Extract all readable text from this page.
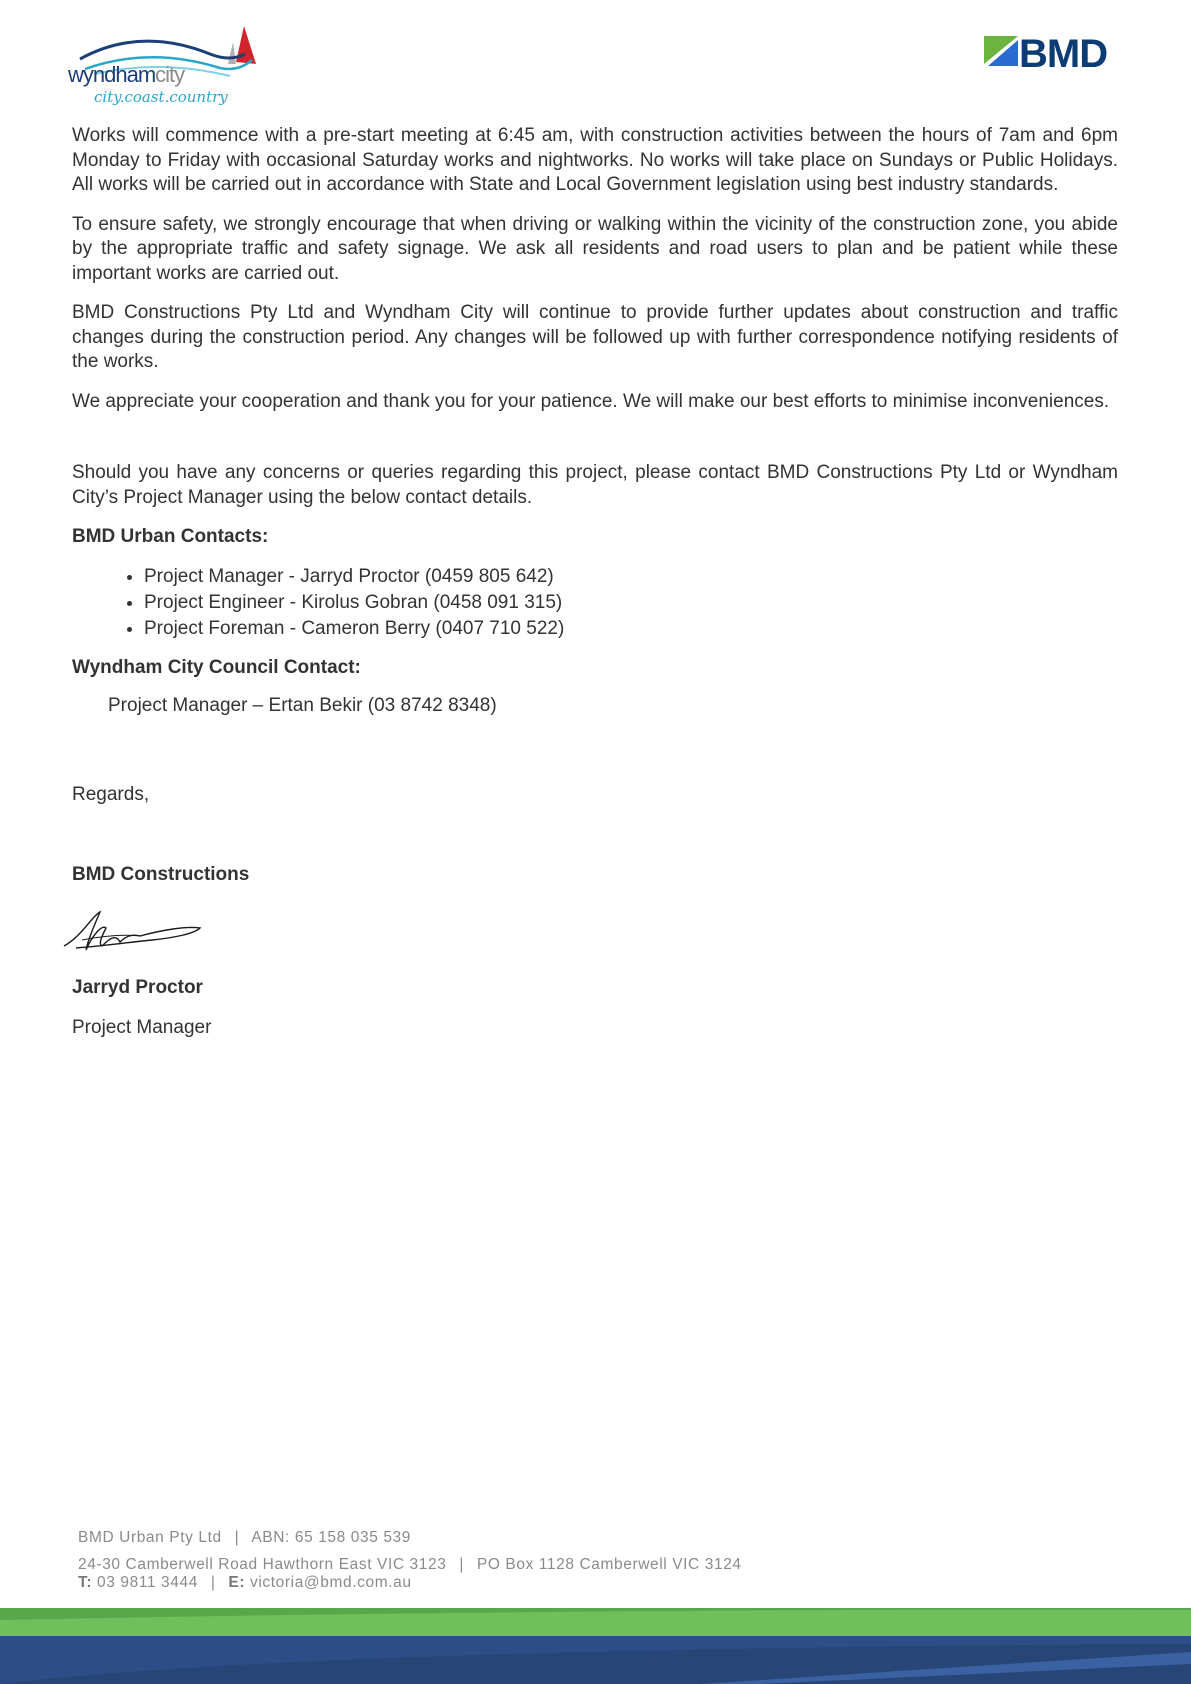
wyndhamcity
city.coast.country
BMD

Works will commence with a pre-start meeting at 6:45 am, with construction activities between the hours of 7am and 6pm Monday to Friday with occasional Saturday works and nightworks. No works will take place on Sundays or Public Holidays. All works will be carried out in accordance with State and Local Government legislation using best industry standards.

To ensure safety, we strongly encourage that when driving or walking within the vicinity of the construction zone, you abide by the appropriate traffic and safety signage. We ask all residents and road users to plan and be patient while these important works are carried out.

BMD Constructions Pty Ltd and Wyndham City will continue to provide further updates about construction and traffic changes during the construction period. Any changes will be followed up with further correspondence notifying residents of the works.

We appreciate your cooperation and thank you for your patience. We will make our best efforts to minimise inconveniences.

Should you have any concerns or queries regarding this project, please contact BMD Constructions Pty Ltd or Wyndham City’s Project Manager using the below contact details.

BMD Urban Contacts:
• Project Manager - Jarryd Proctor (0459 805 642)
• Project Engineer - Kirolus Gobran (0458 091 315)
• Project Foreman - Cameron Berry (0407 710 522)
Wyndham City Council Contact:
Project Manager – Ertan Bekir (03 8742 8348)
Regards,
BMD Constructions
Jarryd Proctor
Project Manager
BMD Urban Pty Ltd | ABN: 65 158 035 539
24-30 Camberwell Road Hawthorn East VIC 3123 | PO Box 1128 Camberwell VIC 3124
T: 03 9811 3444 | E: victoria@bmd.com.au
